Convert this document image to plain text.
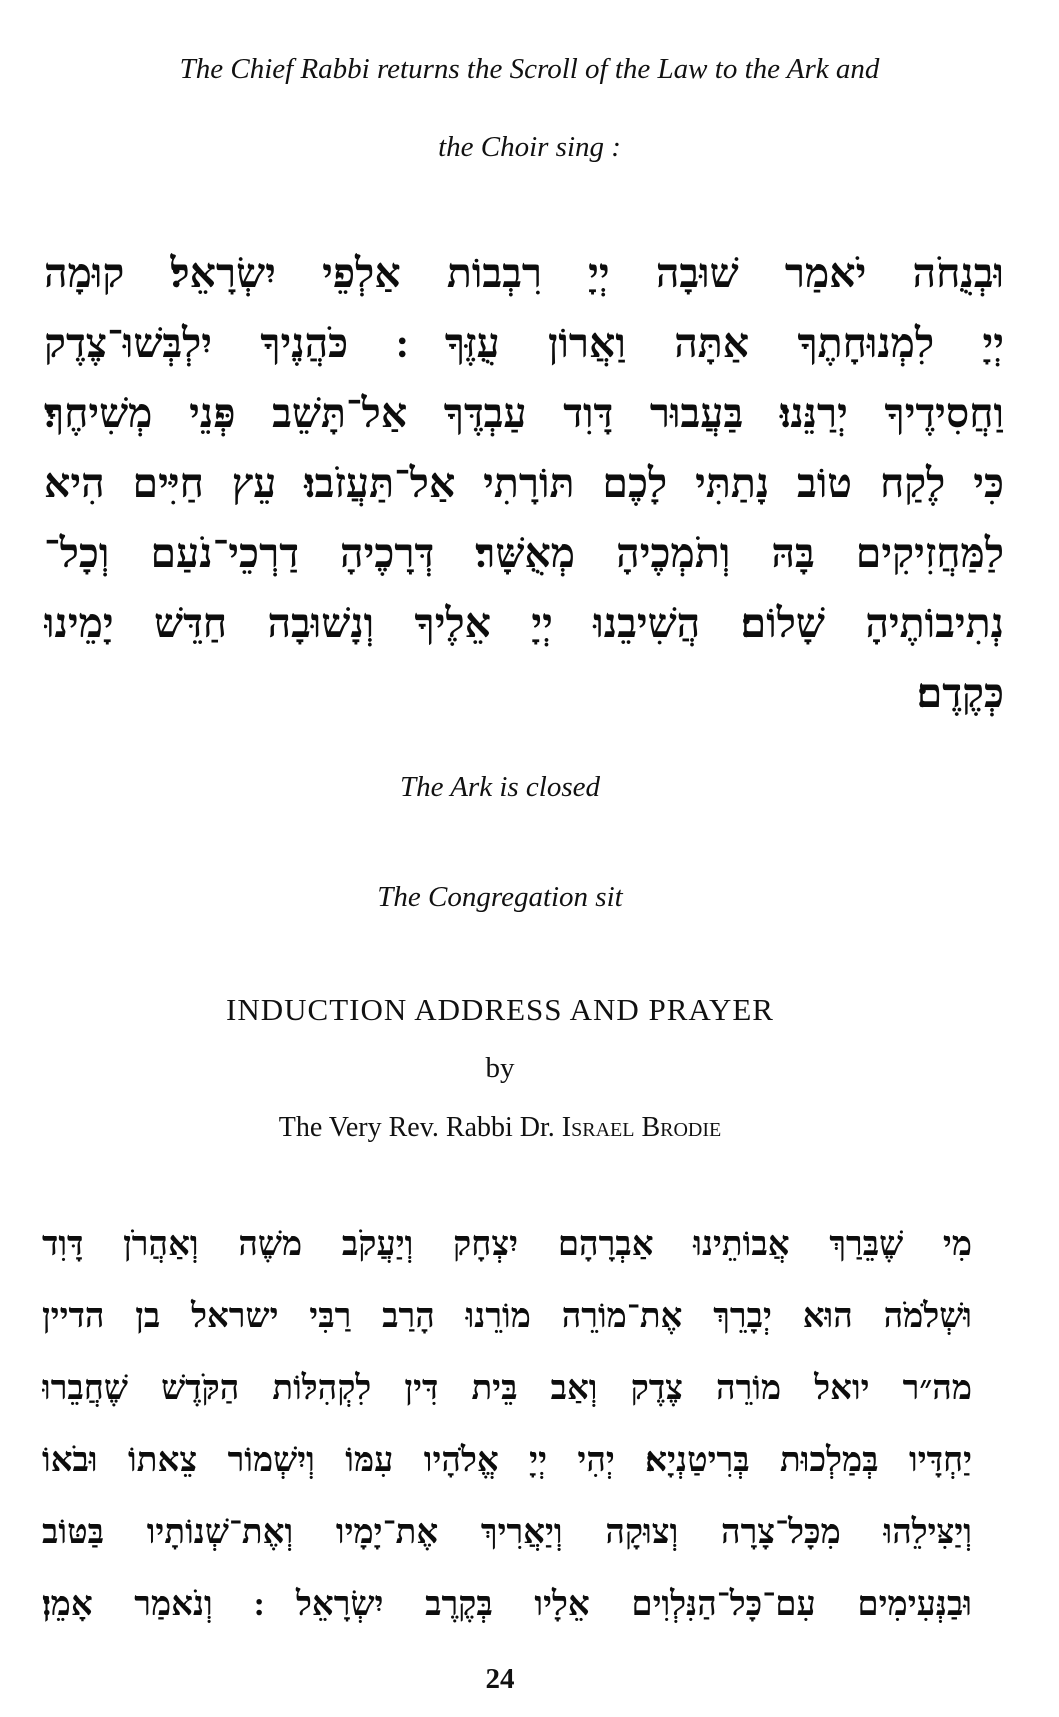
The Chief Rabbi returns the Scroll of the Law to the Ark and

the Choir sing :

וּבְנֻחֹה יֹאמַר שׁוּבָה יְיָ רִבְבוֹת אַלְפֵי יִשְׂרָאֵל׃ קוּמָה
יְיָ לִמְנוּחָתֶךָ אַתָּה וַאֲרוֹן עֻזֶּךָ ׃ כֹּהֲנֶיךָ יִלְבְּשׁוּ־צֶדֶק
וַחֲסִידֶיךָ יְרַנֵּנוּ׃ בַּעֲבוּר דָּוִד עַבְדֶּךָ אַל־תָּשֵׁב פְּנֵי מְשִׁיחֶךָ׃
כִּי לֶקַח טוֹב נָתַתִּי לָכֶם תּוֹרָתִי אַל־תַּעֲזֹבוּ׃ עֵץ חַיִּים הִיא
לַמַּחֲזִיקִים בָּהּ וְתֹמְכֶיהָ מְאֻשָּׁר׃ דְּרָכֶיהָ דַרְכֵי־נֹעַם וְכָל־
נְתִיבוֹתֶיהָ שָׁלוֹם׃ הֲשִׁיבֵנוּ יְיָ אֵלֶיךָ וְנָשׁוּבָה חַדֵּשׁ יָמֵינוּ
כְּקֶדֶם׃

The Ark is closed

The Congregation sit

INDUCTION ADDRESS AND PRAYER

by

The Very Rev. Rabbi Dr. Israel Brodie

מִי שֶׁבֵּרַךְ אֲבוֹתֵינוּ אַבְרָהָם יִצְחָק וְיַעֲקֹב משֶׁה וְאַהֲרֹן דָּוִד
וּשְׁלֹמֹה הוּא יְבָרֵךְ אֶת־מוֹרֵה מוֹרֵנוּ הָרַב רַבִּי ישראל בן הדיין
מה״ר יואל מוֹרֵה צֶדֶק וְאַב בֵּית דִּין לִקְהִלּוֹת הַקֹּדֶשׁ שֶׁחֲבֵרוּ
יַחְדָּיו בְּמַלְכוּת בְּרִיטַנְיָא׃ יְהִי יְיָ אֱלֹהָיו עִמּוֹ וְיִשְׁמוֹר צֵאתוֹ וּבֹאוֹ
וְיַצִּילֵהוּ מִכָּל־צָרָה וְצוּקָה וְיַאֲרִיךְ אֶת־יָמָיו וְאֶת־שְׁנוֹתָיו בַּטּוֹב
וּבַנְּעִימִים עִם־כָּל־הַנִּלְוִים אֵלָיו בְּקֶרֶב יִשְׂרָאֵל ׃ וְנֹאמַר אָמֵן׃

24
